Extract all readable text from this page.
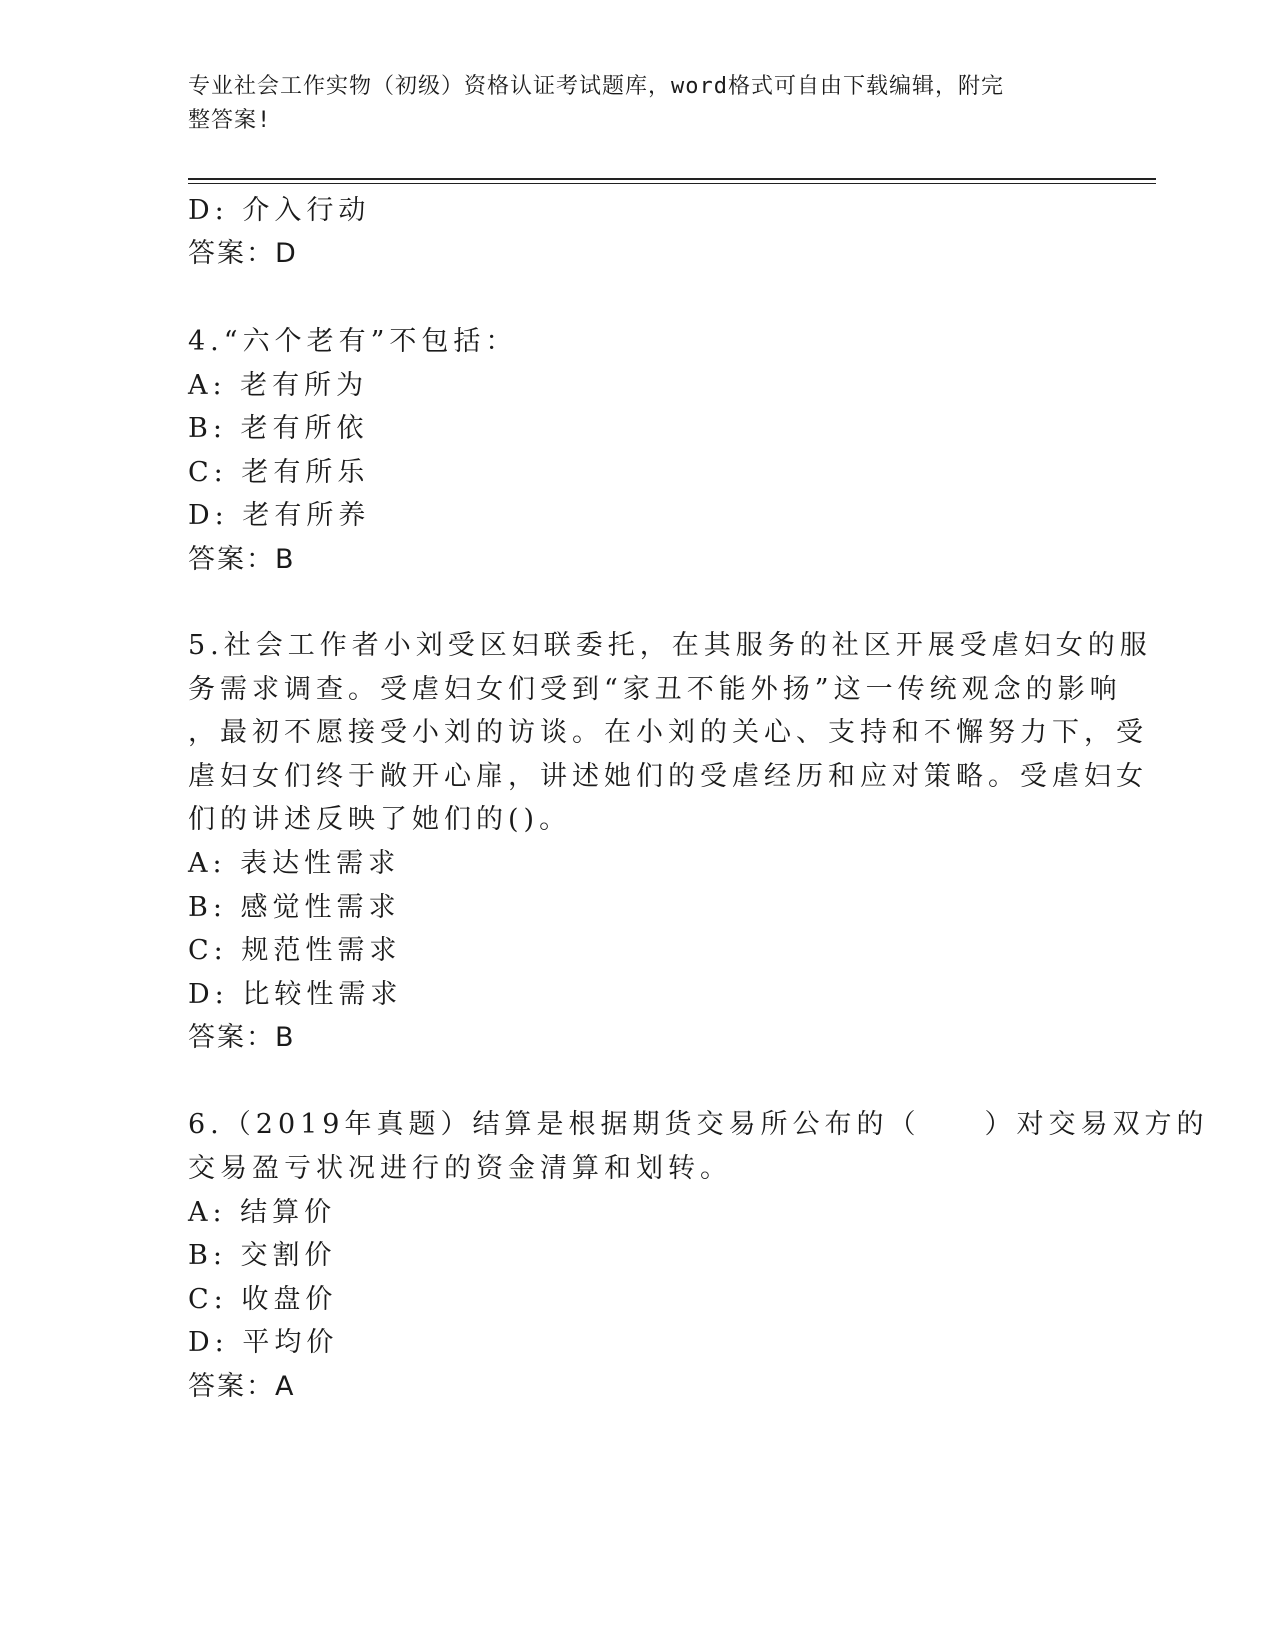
专业社会工作实物（初级）资格认证考试题库，word格式可自由下载编辑，附完
整答案!
D: 介入行动
答案：D
4.“六个老有”不包括：
A: 老有所为
B: 老有所依
C: 老有所乐
D: 老有所养
答案：B
5.社会工作者小刘受区妇联委托，在其服务的社区开展受虐妇女的服
务需求调查。受虐妇女们受到“家丑不能外扬”这一传统观念的影响
，最初不愿接受小刘的访谈。在小刘的关心、支持和不懈努力下，受
虐妇女们终于敞开心扉，讲述她们的受虐经历和应对策略。受虐妇女
们的讲述反映了她们的()。
A: 表达性需求
B: 感觉性需求
C: 规范性需求
D: 比较性需求
答案：B
6.（2019年真题）结算是根据期货交易所公布的（　　）对交易双方的
交易盈亏状况进行的资金清算和划转。
A: 结算价
B: 交割价
C: 收盘价
D: 平均价
答案：A
